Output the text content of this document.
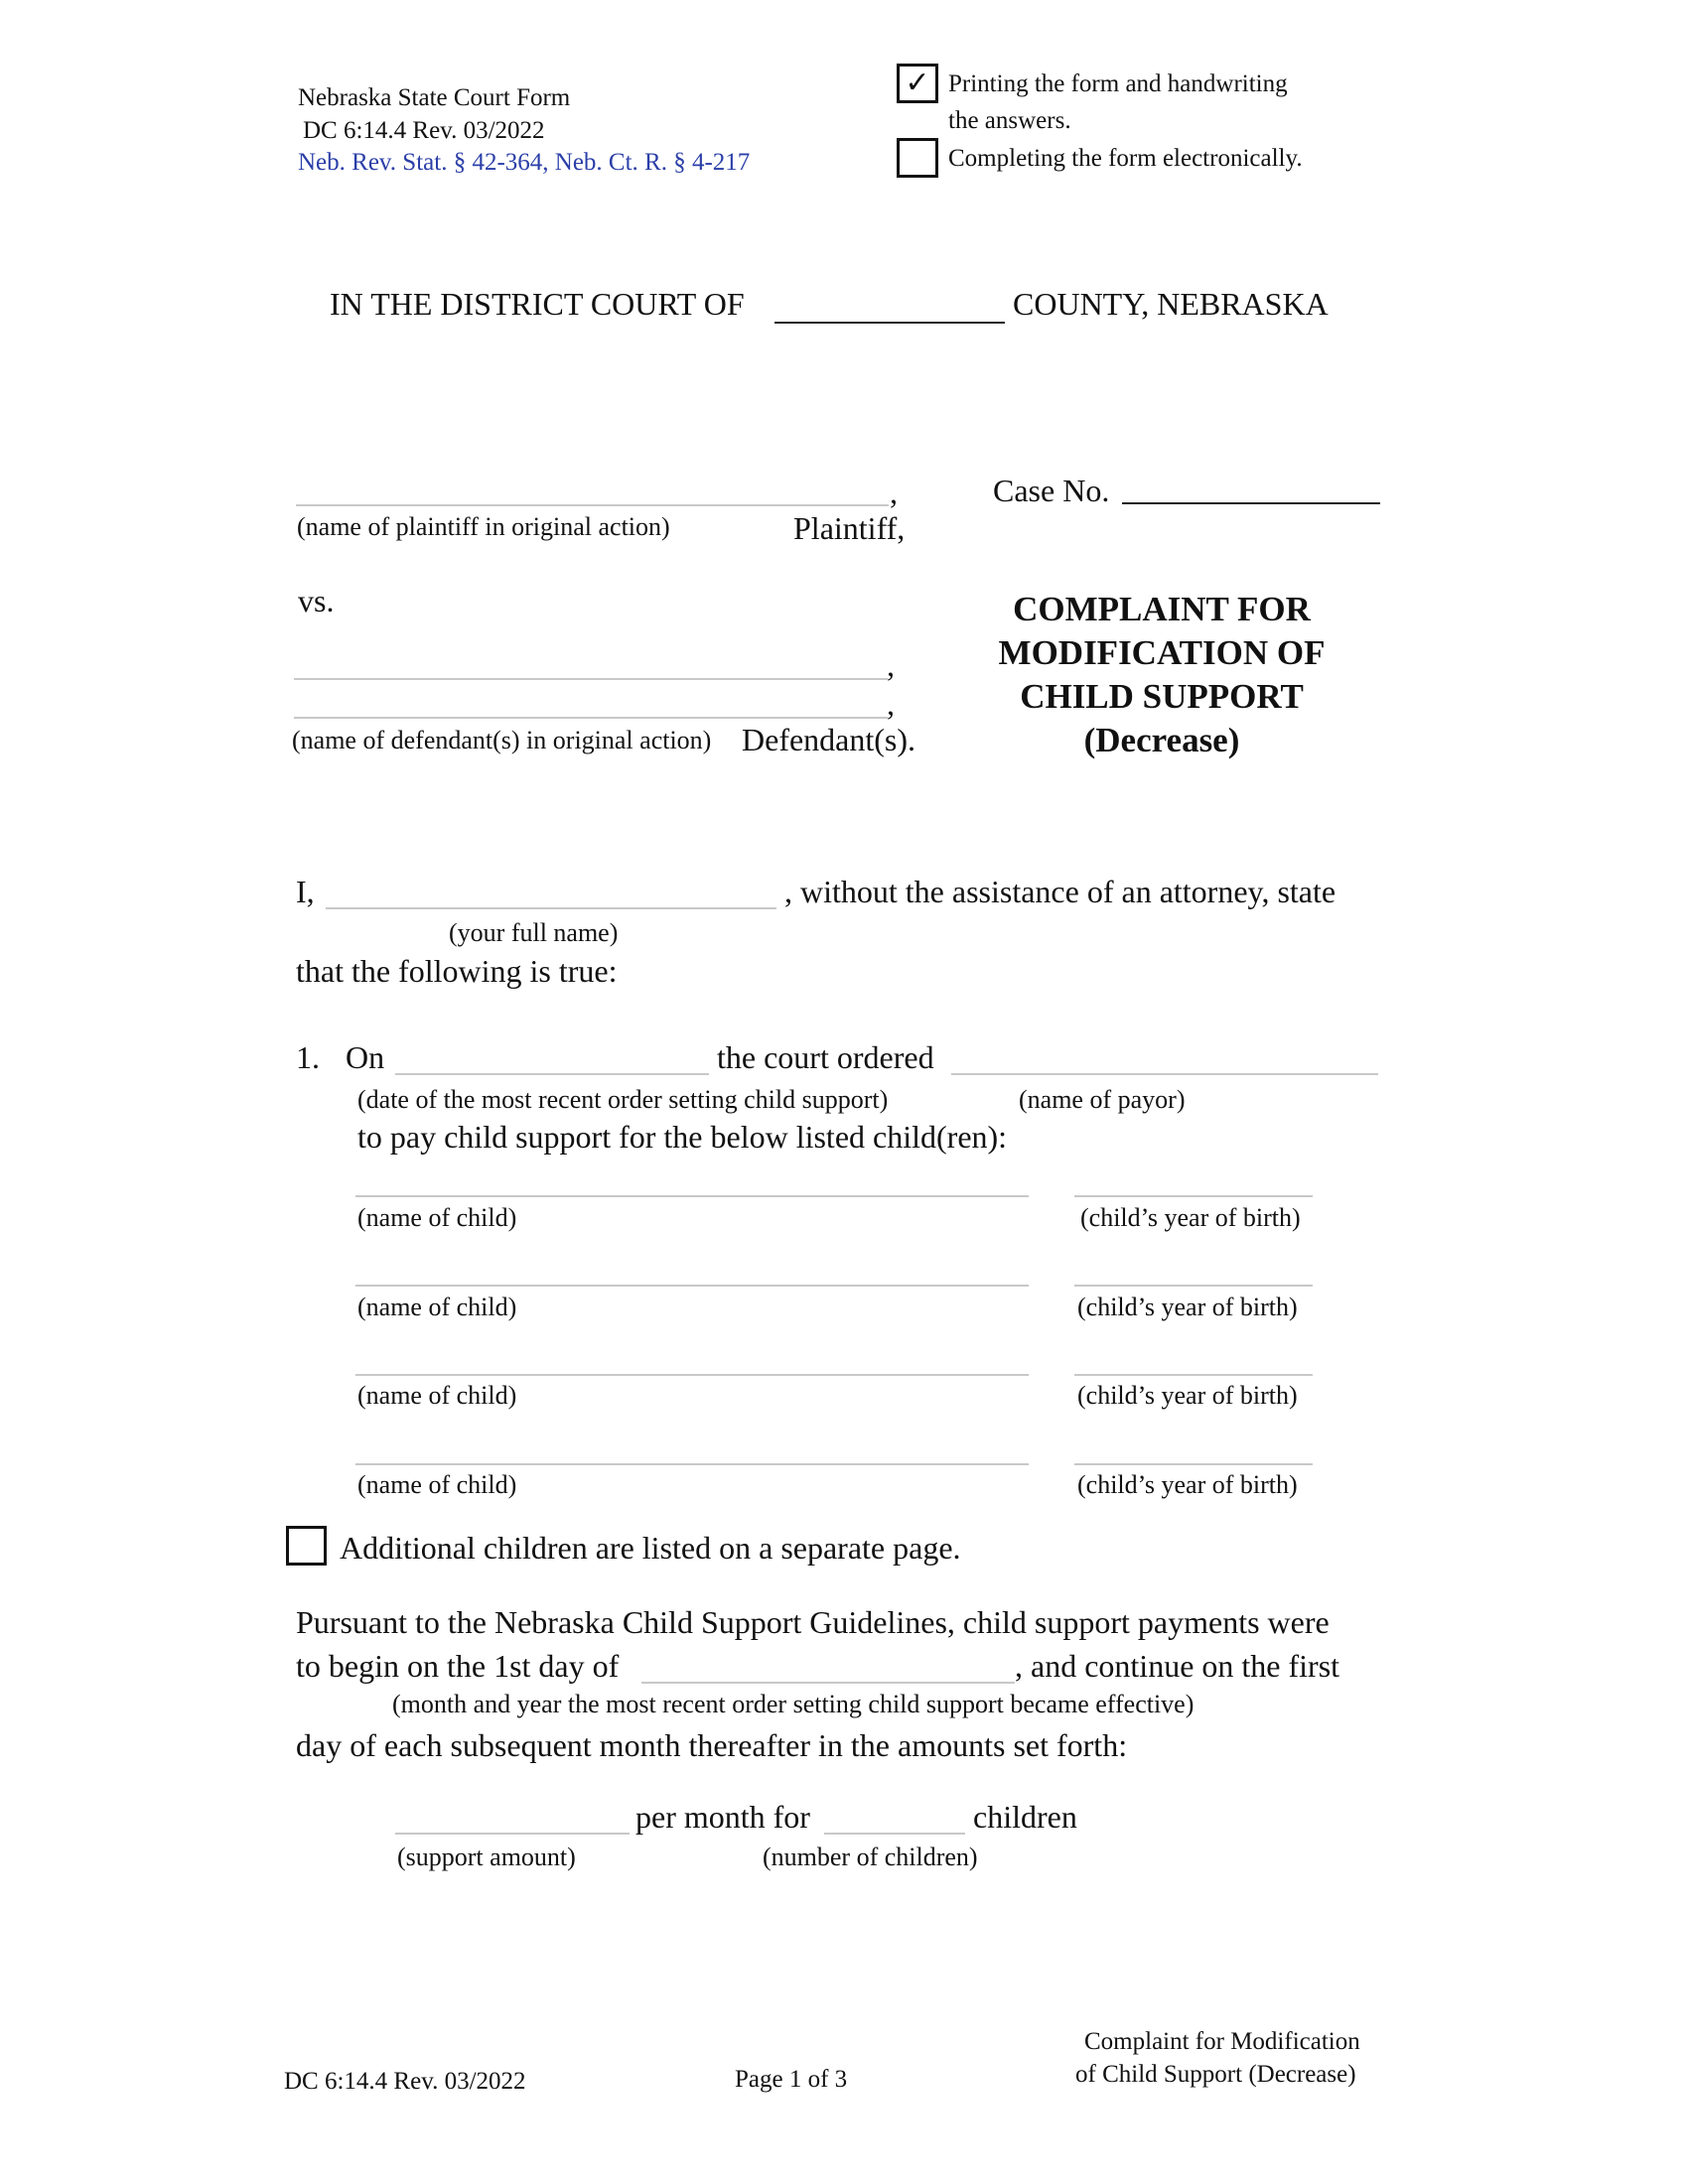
Nebraska State Court Form
DC 6:14.4 Rev. 03/2022
Neb. Rev. Stat. § 42-364, Neb. Ct. R. § 4-217
✓ Printing the form and handwriting
the answers.
Completing the form electronically.
IN THE DISTRICT COURT OF	COUNTY, NEBRASKA
,
(name of plaintiff in original action)	Plaintiff,
Case No.
vs.
,
,
(name of defendant(s) in original action) Defendant(s).
COMPLAINT FOR
MODIFICATION OF
CHILD SUPPORT
(Decrease)
I,	, without the assistance of an attorney, state
(your full name)
that the following is true:
1. On	the court ordered
(date of the most recent order setting child support)	(name of payor)
to pay child support for the below listed child(ren):
(name of child)	(child’s year of birth)
(name of child)	(child’s year of birth)
(name of child)	(child’s year of birth)
(name of child)	(child’s year of birth)
Additional children are listed on a separate page.
Pursuant to the Nebraska Child Support Guidelines, child support payments were
to begin on the 1st day of	, and continue on the first
(month and year the most recent order setting child support became effective)
day of each subsequent month thereafter in the amounts set forth:
per month for	children
(support amount)	(number of children)
DC 6:14.4 Rev. 03/2022	Page 1 of 3
Complaint for Modification
of Child Support (Decrease)
